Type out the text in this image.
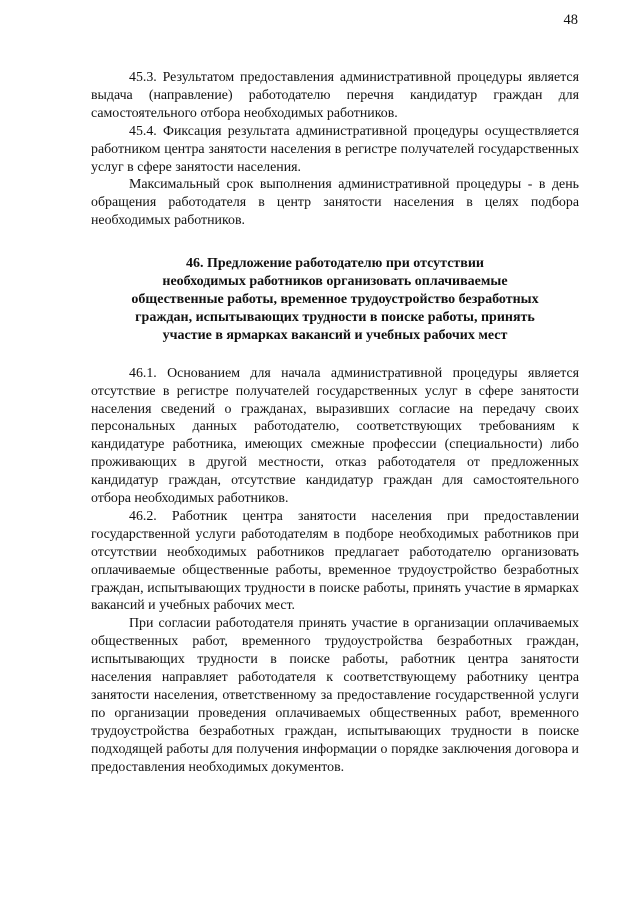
48

45.3. Результатом предоставления административной процедуры является выдача (направление) работодателю перечня кандидатур граждан для самостоятельного отбора необходимых работников.

45.4. Фиксация результата административной процедуры осуществляется работником центра занятости населения в регистре получателей государственных услуг в сфере занятости населения.

Максимальный срок выполнения административной процедуры - в день обращения работодателя в центр занятости населения в целях подбора необходимых работников.

46. Предложение работодателю при отсутствии
необходимых работников организовать оплачиваемые
общественные работы, временное трудоустройство безработных
граждан, испытывающих трудности в поиске работы, принять
участие в ярмарках вакансий и учебных рабочих мест

46.1. Основанием для начала административной процедуры является отсутствие в регистре получателей государственных услуг в сфере занятости населения сведений о гражданах, выразивших согласие на передачу своих персональных данных работодателю, соответствующих требованиям к кандидатуре работника, имеющих смежные профессии (специальности) либо проживающих в другой местности, отказ работодателя от предложенных кандидатур граждан, отсутствие кандидатур граждан для самостоятельного отбора необходимых работников.

46.2. Работник центра занятости населения при предоставлении государственной услуги работодателям в подборе необходимых работников при отсутствии необходимых работников предлагает работодателю организовать оплачиваемые общественные работы, временное трудоустройство безработных граждан, испытывающих трудности в поиске работы, принять участие в ярмарках вакансий и учебных рабочих мест.

При согласии работодателя принять участие в организации оплачиваемых общественных работ, временного трудоустройства безработных граждан, испытывающих трудности в поиске работы, работник центра занятости населения направляет работодателя к соответствующему работнику центра занятости населения, ответственному за предоставление государственной услуги по организации проведения оплачиваемых общественных работ, временного трудоустройства безработных граждан, испытывающих трудности в поиске подходящей работы для получения информации о порядке заключения договора и предоставления необходимых документов.
